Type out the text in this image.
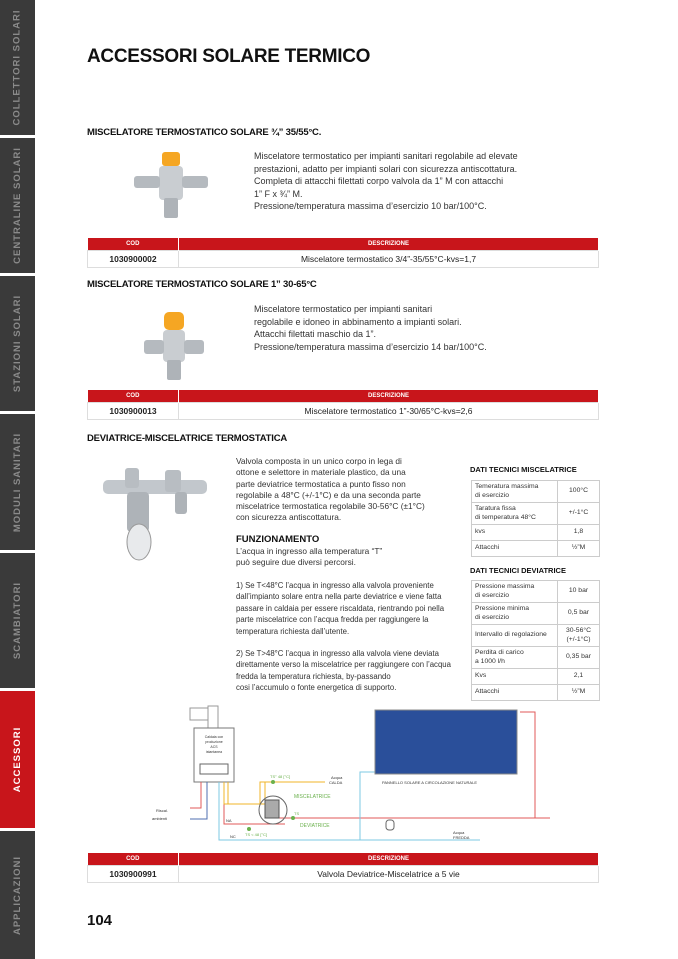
COLLETTORI SOLARI
CENTRALINE SOLARI
STAZIONI SOLARI
MODULI SANITARI
SCAMBIATORI
ACCESSORI
APPLICAZIONI
ACCESSORI SOLARE TERMICO
MISCELATORE TERMOSTATICO SOLARE ¾” 35/55°C.
Miscelatore termostatico per impianti sanitari regolabile ad elevate
prestazioni, adatto per impianti solari con sicurezza antiscottatura.
Completa di attacchi filettati corpo valvola da 1” M con attacchi
1” F x ¾” M.
Pressione/temperatura massima d’esercizio 10 bar/100°C.
COD	DESCRIZIONE
1030900002	Miscelatore termostatico 3/4”-35/55°C-kvs=1,7
MISCELATORE TERMOSTATICO SOLARE 1” 30-65°C
Miscelatore termostatico per impianti sanitari
regolabile e idoneo in abbinamento a impianti solari.
Attacchi filettati maschio da 1”.
Pressione/temperatura massima d’esercizio 14 bar/100°C.
COD	DESCRIZIONE
1030900013	Miscelatore termostatico 1”-30/65°C-kvs=2,6
DEVIATRICE-MISCELATRICE TERMOSTATICA
Valvola composta in un unico corpo in lega di
ottone e selettore in materiale plastico, da una
parte deviatrice termostatica a punto fisso non
regolabile a 48°C (+/-1°C) e da una seconda parte
miscelatrice termostatica regolabile 30-56°C (±1°C)
con sicurezza antiscottatura.
FUNZIONAMENTO
L’acqua in ingresso alla temperatura “T”
può seguire due diversi percorsi.
1) Se T<48°C l’acqua in ingresso alla valvola proveniente
dall’impianto solare entra nella parte deviatrice e viene fatta
passare in caldaia per essere riscaldata, rientrando poi nella
parte miscelatrice con l’acqua fredda per raggiungere la
temperatura richiesta dall’utente.
2) Se T>48°C l’acqua in ingresso alla valvola viene deviata
direttamente verso la miscelatrice per raggiungere con l’acqua
fredda la temperatura richiesta, by-passando
cosi l’accumulo o fonte energetica di supporto.
DATI TECNICI MISCELATRICE
Temeratura massima
di esercizio	100°C

Taratura fissa
di temperatura 48°C	+/-1°C

kvs	1,8

Attacchi	½”M
DATI TECNICI DEVIATRICE
Pressione massima
di esercizio	10 bar

Pressione minima
di esercizio	0,5 bar

Intervallo di regolazione	30-56°C
(+/-1°C)

Perdita di carico
a 1000 l/h	0,35 bar

Kvs	2,1

Attacchi	½”M
Caldaia con produzione ACS istantanea
TS° 48 [°C]TS TS < 48 [°C]
MISCELATRICE DEVIATRICE
Acqua CALDA NA NCRiscal. ambientiAcqua FREDDAPANNELLO SOLARE A CIRCOLAZIONE NATURALE
COD	DESCRIZIONE
1030900991	Valvola Deviatrice-Miscelatrice a 5 vie
104
